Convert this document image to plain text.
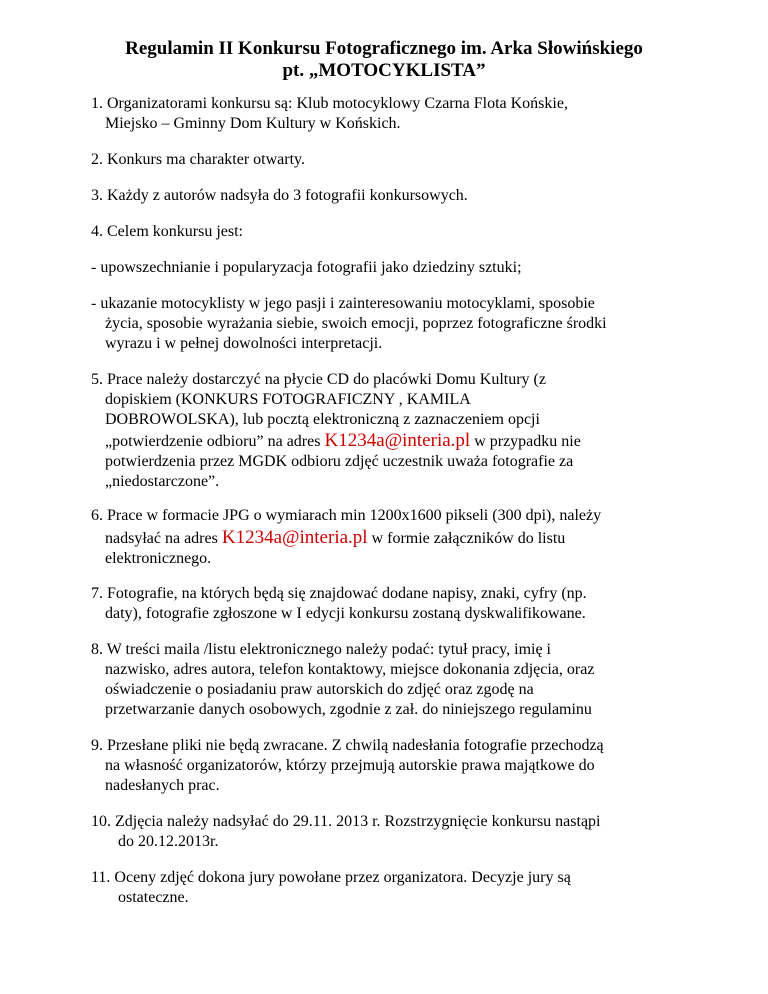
Regulamin II Konkursu Fotograficznego im. Arka Słowińskiego
pt. „MOTOCYKLISTA”

1. Organizatorami konkursu są: Klub motocyklowy Czarna Flota Końskie,

Miejsko – Gminny Dom Kultury w Końskich.

2. Konkurs ma charakter otwarty.

3. Każdy z autorów nadsyła do 3 fotografii konkursowych.

4. Celem konkursu jest:

- upowszechnianie i popularyzacja fotografii jako dziedziny sztuki;

- ukazanie motocyklisty w jego pasji i zainteresowaniu motocyklami, sposobie

życia, sposobie wyrażania siebie, swoich emocji, poprzez fotograficzne środki

wyrazu i w pełnej dowolności interpretacji.

5. Prace należy dostarczyć na płycie CD do placówki Domu Kultury (z

dopiskiem (KONKURS FOTOGRAFICZNY , KAMILA

DOBROWOLSKA), lub pocztą elektroniczną z zaznaczeniem opcji

„potwierdzenie odbioru” na adres K1234a@interia.pl w przypadku nie

potwierdzenia przez MGDK odbioru zdjęć uczestnik uważa fotografie za

„niedostarczone”.

6. Prace w formacie JPG o wymiarach min 1200x1600 pikseli (300 dpi), należy

nadsyłać na adres K1234a@interia.pl w formie załączników do listu

elektronicznego.

7. Fotografie, na których będą się znajdować dodane napisy, znaki, cyfry (np.

daty), fotografie zgłoszone w I edycji konkursu zostaną dyskwalifikowane.

8. W treści maila /listu elektronicznego należy podać: tytuł pracy, imię i

nazwisko, adres autora, telefon kontaktowy, miejsce dokonania zdjęcia, oraz

oświadczenie o posiadaniu praw autorskich do zdjęć oraz zgodę na

przetwarzanie danych osobowych, zgodnie z zał. do niniejszego regulaminu

9. Przesłane pliki nie będą zwracane. Z chwilą nadesłania fotografie przechodzą

na własność organizatorów, którzy przejmują autorskie prawa majątkowe do

nadesłanych prac.

10. Zdjęcia należy nadsyłać do 29.11. 2013 r. Rozstrzygnięcie konkursu nastąpi

do 20.12.2013r.

11. Oceny zdjęć dokona jury powołane przez organizatora. Decyzje jury są

ostateczne.
